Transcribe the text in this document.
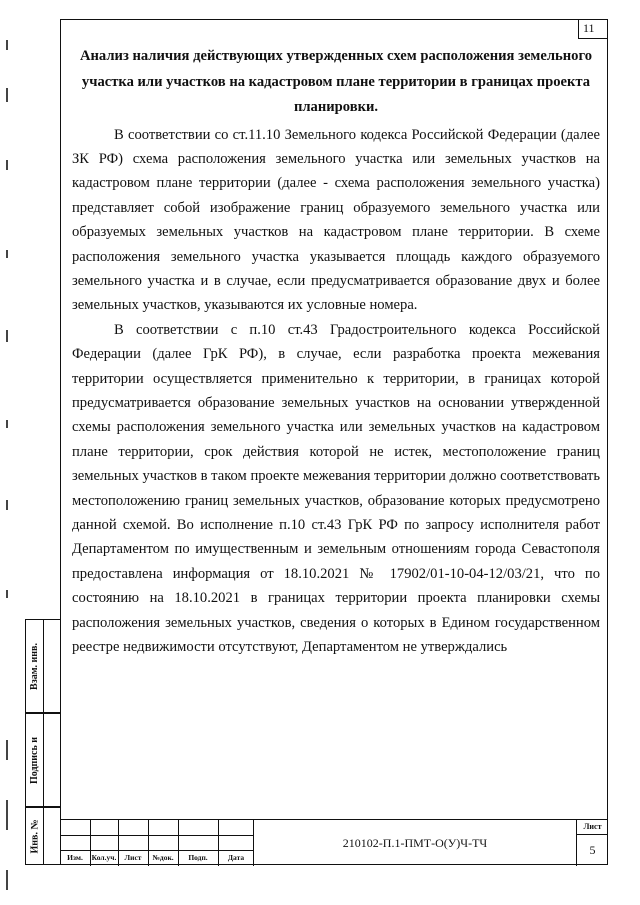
11
Анализ наличия действующих утвержденных схем расположения земельного участка или участков на кадастровом плане территории в границах проекта планировки.

В соответствии со ст.11.10 Земельного кодекса Российской Федерации (далее ЗК РФ) схема расположения земельного участка или земельных участков на кадастровом плане территории (далее - схема расположения земельного участка) представляет собой изображение границ образуемого земельного участка или образуемых земельных участков на кадастровом плане территории. В схеме расположения земельного участка указывается площадь каждого образуемого земельного участка и в случае, если предусматривается образование двух и более земельных участков, указываются их условные номера.

В соответствии с п.10 ст.43 Градостроительного кодекса Российской Федерации (далее ГрК РФ), в случае, если разработка проекта межевания территории осуществляется применительно к территории, в границах которой предусматривается образование земельных участков на основании утвержденной схемы расположения земельного участка или земельных участков на кадастровом плане территории, срок действия которой не истек, местоположение границ земельных участков в таком проекте межевания территории должно соответствовать местоположению границ земельных участков, образование которых предусмотрено данной схемой. Во исполнение п.10 ст.43 ГрК РФ по запросу исполнителя работ Департаментом по имущественным и земельным отношениям города Севастополя предоставлена информация от 18.10.2021 № 17902/01-10-04-12/03/21, что по состоянию на 18.10.2021 в границах территории проекта планировки схемы расположения земельных участков, сведения о которых в Едином государственном реестре недвижимости отсутствуют, Департаментом не утверждались

Взам. инв.
Подпись и
Инв. №
Изм.	Кол.уч.	Лист	№док.	Подп.	Дата
210102-П.1-ПМТ-О(У)Ч-ТЧ
Лист
5
